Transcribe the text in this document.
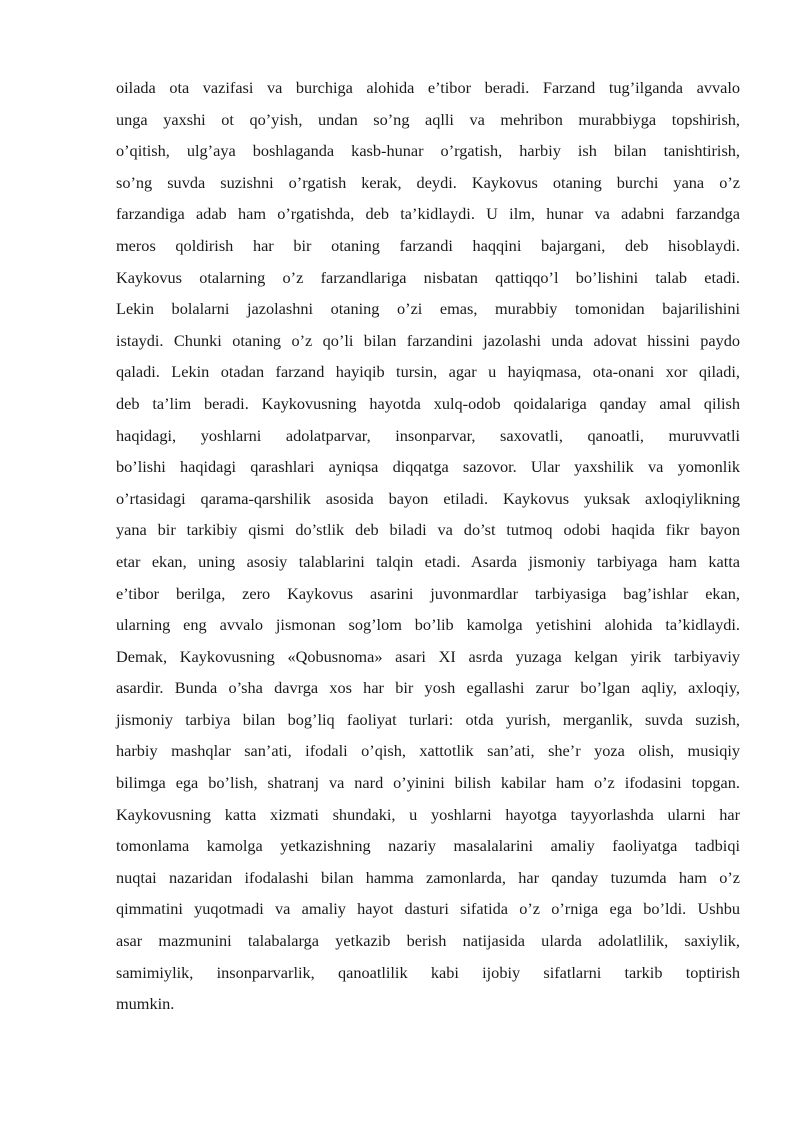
oilada ota vazifasi va burchiga alohida e’tibor beradi. Farzand tug’ilganda avvalo
unga yaxshi ot qo’yish, undan so’ng aqlli va mehribon murabbiyga topshirish,
o’qitish, ulg’aya boshlaganda kasb-hunar o’rgatish, harbiy ish bilan tanishtirish,
so’ng suvda suzishni o’rgatish kerak, deydi. Kaykovus otaning burchi yana o’z
farzandiga adab ham o’rgatishda, deb ta’kidlaydi. U ilm, hunar va adabni farzandga
meros qoldirish har bir otaning farzandi haqqini bajargani, deb hisoblaydi.
Kaykovus otalarning o’z farzandlariga nisbatan qattiqqo’l bo’lishini talab etadi.
Lekin bolalarni jazolashni otaning o’zi emas, murabbiy tomonidan bajarilishini
istaydi. Chunki otaning o’z qo’li bilan farzandini jazolashi unda adovat hissini paydo
qaladi. Lekin otadan farzand hayiqib tursin, agar u hayiqmasa, ota-onani xor qiladi,
deb ta’lim beradi. Kaykovusning hayotda xulq-odob qoidalariga qanday amal qilish
haqidagi, yoshlarni adolatparvar, insonparvar, saxovatli, qanoatli, muruvvatli
bo’lishi haqidagi qarashlari ayniqsa diqqatga sazovor. Ular yaxshilik va yomonlik
o’rtasidagi qarama-qarshilik asosida bayon etiladi. Kaykovus yuksak axloqiylikning
yana bir tarkibiy qismi do’stlik deb biladi va do’st tutmoq odobi haqida fikr bayon
etar ekan, uning asosiy talablarini talqin etadi. Asarda jismoniy tarbiyaga ham katta
e’tibor berilga, zero Kaykovus asarini juvonmardlar tarbiyasiga bag’ishlar ekan,
ularning eng avvalo jismonan sog’lom bo’lib kamolga yetishini alohida ta’kidlaydi.
Demak, Kaykovusning «Qobusnoma» asari XI asrda yuzaga kelgan yirik tarbiyaviy
asardir. Bunda o’sha davrga xos har bir yosh egallashi zarur bo’lgan aqliy, axloqiy,
jismoniy tarbiya bilan bog’liq faoliyat turlari: otda yurish, merganlik, suvda suzish,
harbiy mashqlar san’ati, ifodali o’qish, xattotlik san’ati, she’r yoza olish, musiqiy
bilimga ega bo’lish, shatranj va nard o’yinini bilish kabilar ham o’z ifodasini topgan.
Kaykovusning katta xizmati shundaki, u yoshlarni hayotga tayyorlashda ularni har
tomonlama kamolga yetkazishning nazariy masalalarini amaliy faoliyatga tadbiqi
nuqtai nazaridan ifodalashi bilan hamma zamonlarda, har qanday tuzumda ham o’z
qimmatini yuqotmadi va amaliy hayot dasturi sifatida o’z o’rniga ega bo’ldi. Ushbu
asar mazmunini talabalarga yetkazib berish natijasida ularda adolatlilik, saxiylik,
samimiylik, insonparvarlik, qanoatlilik kabi ijobiy sifatlarni tarkib toptirish
mumkin.
